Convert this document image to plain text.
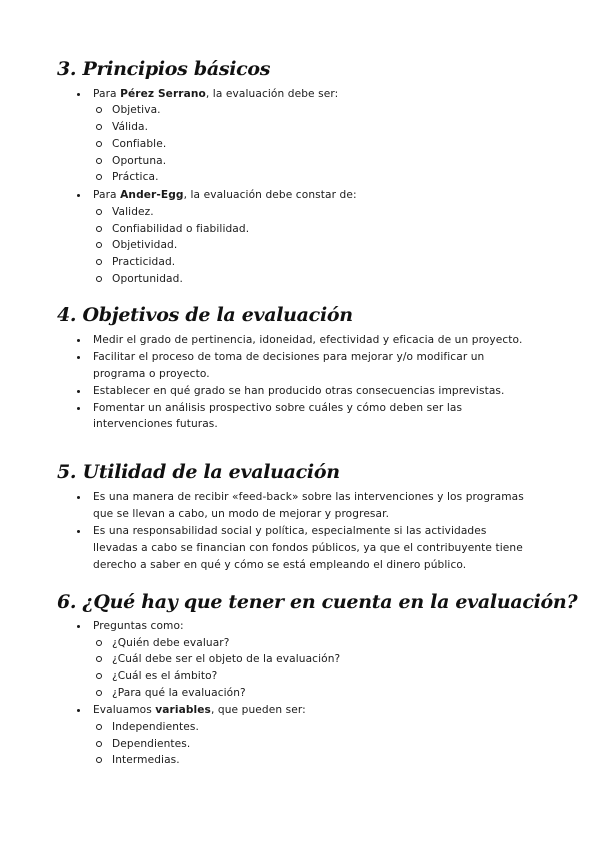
3. Principios básicos
Para Pérez Serrano, la evaluación debe ser:
Objetiva.
Válida.
Confiable.
Oportuna.
Práctica.
Para Ander-Egg, la evaluación debe constar de:
Validez.
Confiabilidad o fiabilidad.
Objetividad.
Practicidad.
Oportunidad.
4. Objetivos de la evaluación
Medir el grado de pertinencia, idoneidad, efectividad y eficacia de un proyecto.
Facilitar el proceso de toma de decisiones para mejorar y/o modificar un
programa o proyecto.
Establecer en qué grado se han producido otras consecuencias imprevistas.
Fomentar un análisis prospectivo sobre cuáles y cómo deben ser las
intervenciones futuras.
5. Utilidad de la evaluación
Es una manera de recibir «feed-back» sobre las intervenciones y los programas
que se llevan a cabo, un modo de mejorar y progresar.
Es una responsabilidad social y política, especialmente si las actividades
llevadas a cabo se financian con fondos públicos, ya que el contribuyente tiene
derecho a saber en qué y cómo se está empleando el dinero público.
6. ¿Qué hay que tener en cuenta en la evaluación?
Preguntas como:
¿Quién debe evaluar?
¿Cuál debe ser el objeto de la evaluación?
¿Cuál es el ámbito?
¿Para qué la evaluación?
Evaluamos variables, que pueden ser:
Independientes.
Dependientes.
Intermedias.
